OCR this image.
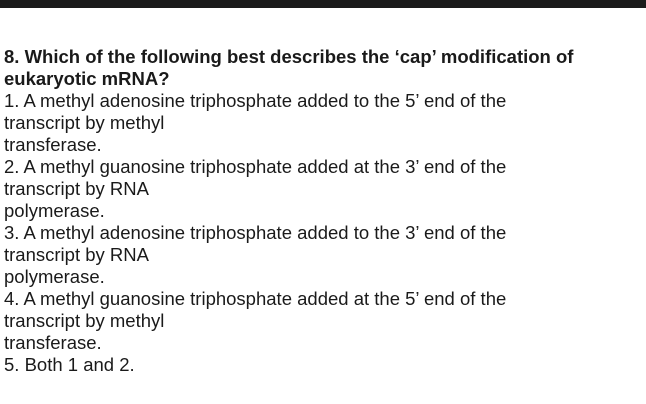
8. Which of the following best describes the ‘cap’ modification of
eukaryotic mRNA?

1. A methyl adenosine triphosphate added to the 5’ end of the
transcript by methyl
transferase.
2. A methyl guanosine triphosphate added at the 3’ end of the
transcript by RNA
polymerase.
3. A methyl adenosine triphosphate added to the 3’ end of the
transcript by RNA
polymerase.
4. A methyl guanosine triphosphate added at the 5’ end of the
transcript by methyl
transferase.
5. Both 1 and 2.
